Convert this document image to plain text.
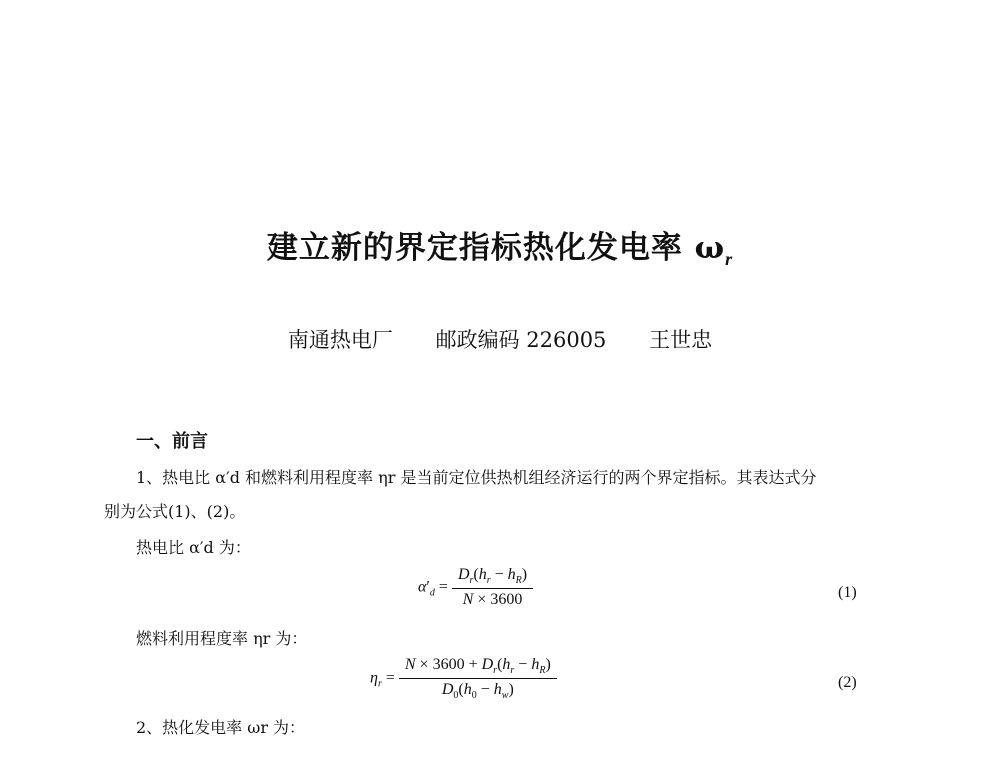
建立新的界定指标热化发电率 $\omega_r$
南通热电厂 邮政编码 226005 王世忠
一、前言
1、热电比 α′d 和燃料利用程度率 ηr 是当前定位供热机组经济运行的两个界定指标。其表达式分
别为公式(1)、(2)。
热电比 α′d 为：
$\alpha'_d = \frac{D_r(h_r - h_R)}{N \times 3600}$	(1)
燃料利用程度率 ηr 为：
$\eta_r = \frac{N \times 3600 + D_r(h_r - h_R)}{D_0(h_0 - h_w)}$	(2)
2、热化发电率 ωr 为：
